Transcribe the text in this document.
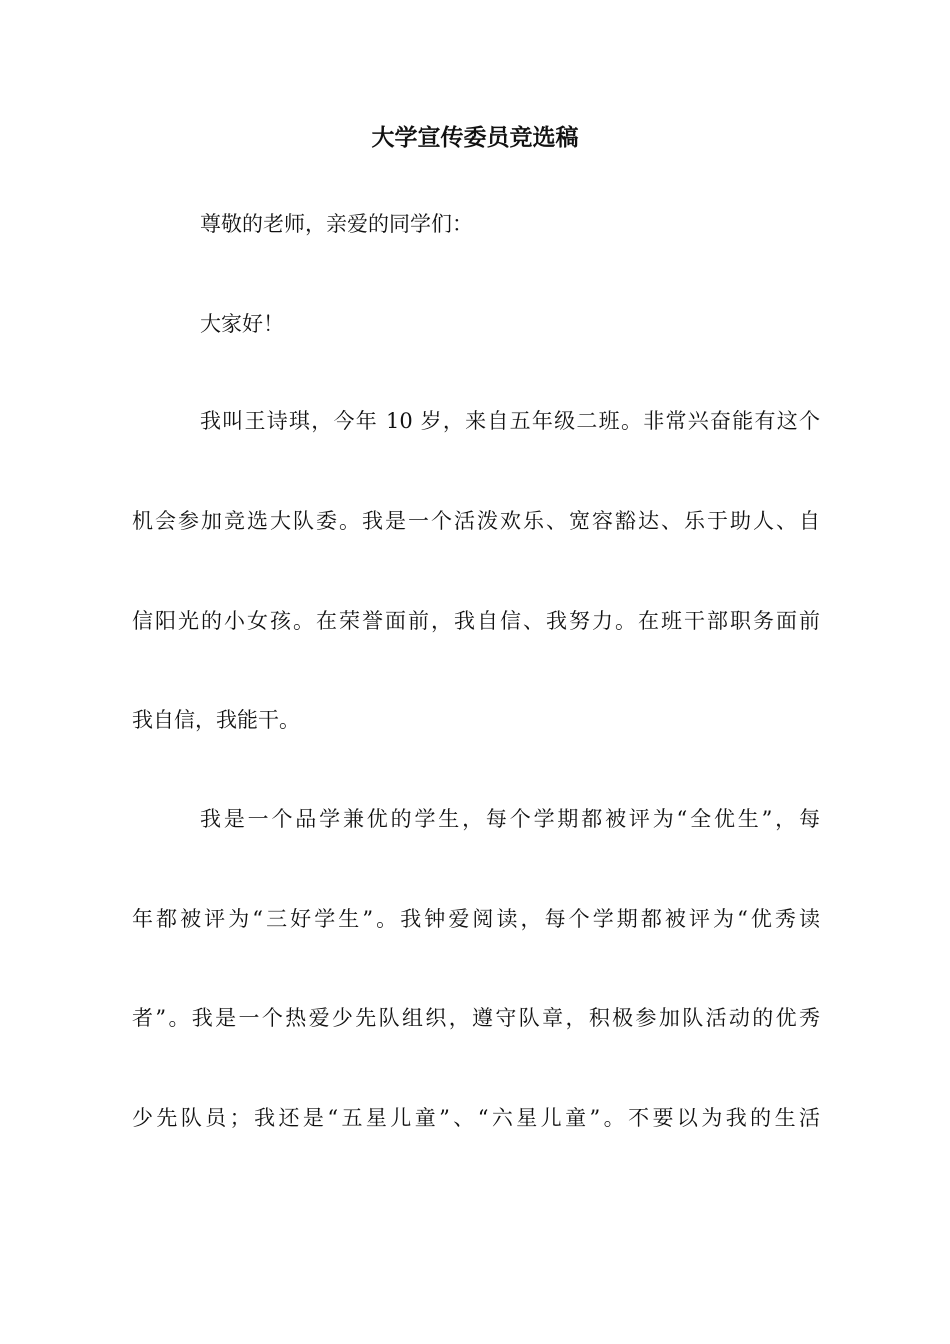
大学宣传委员竞选稿
尊敬的老师，亲爱的同学们：
大家好！
我叫王诗琪，今年 10 岁，来自五年级二班。非常兴奋能有这个
机会参加竞选大队委。我是一个活泼欢乐、宽容豁达、乐于助人、自
信阳光的小女孩。在荣誉面前，我自信、我努力。在班干部职务面前
我自信，我能干。
我是一个品学兼优的学生，每个学期都被评为“全优生”，每
年都被评为“三好学生”。我钟爱阅读，每个学期都被评为“优秀读
者”。我是一个热爱少先队组织，遵守队章，积极参加队活动的优秀
少先队员；我还是“五星儿童”、“六星儿童”。不要以为我的生活
